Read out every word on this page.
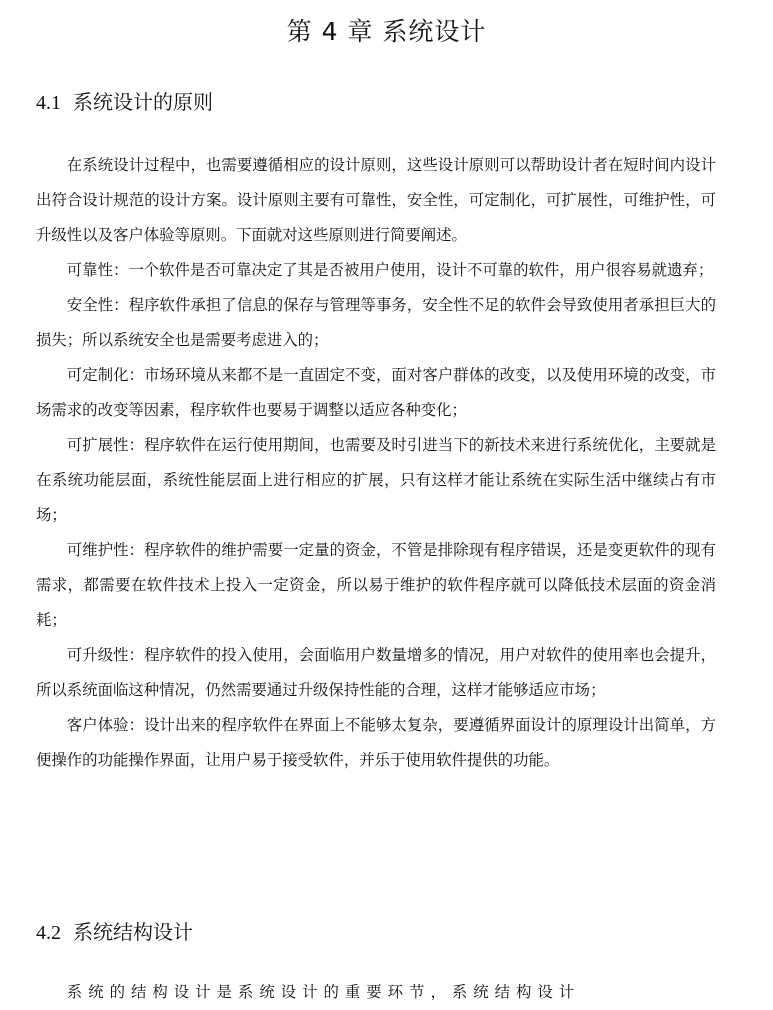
第 4 章 系统设计
4.1 系统设计的原则

在系统设计过程中，也需要遵循相应的设计原则，这些设计原则可以帮助设计者在短时间内设计出符合设计规范的设计方案。设计原则主要有可靠性，安全性，可定制化，可扩展性，可维护性，可升级性以及客户体验等原则。下面就对这些原则进行简要阐述。

可靠性：一个软件是否可靠决定了其是否被用户使用，设计不可靠的软件，用户很容易就遗弃；

安全性：程序软件承担了信息的保存与管理等事务，安全性不足的软件会导致使用者承担巨大的损失；所以系统安全也是需要考虑进入的；

可定制化：市场环境从来都不是一直固定不变，面对客户群体的改变，以及使用环境的改变，市场需求的改变等因素，程序软件也要易于调整以适应各种变化；

可扩展性：程序软件在运行使用期间，也需要及时引进当下的新技术来进行系统优化，主要就是在系统功能层面，系统性能层面上进行相应的扩展，只有这样才能让系统在实际生活中继续占有市场；

可维护性：程序软件的维护需要一定量的资金，不管是排除现有程序错误，还是变更软件的现有需求，都需要在软件技术上投入一定资金，所以易于维护的软件程序就可以降低技术层面的资金消耗；

可升级性：程序软件的投入使用，会面临用户数量增多的情况，用户对软件的使用率也会提升，所以系统面临这种情况，仍然需要通过升级保持性能的合理，这样才能够适应市场；

客户体验：设计出来的程序软件在界面上不能够太复杂，要遵循界面设计的原理设计出简单，方便操作的功能操作界面，让用户易于接受软件，并乐于使用软件提供的功能。

4.2 系统结构设计
系统的结构设计是系统设计的重要环节，系统结构设计
